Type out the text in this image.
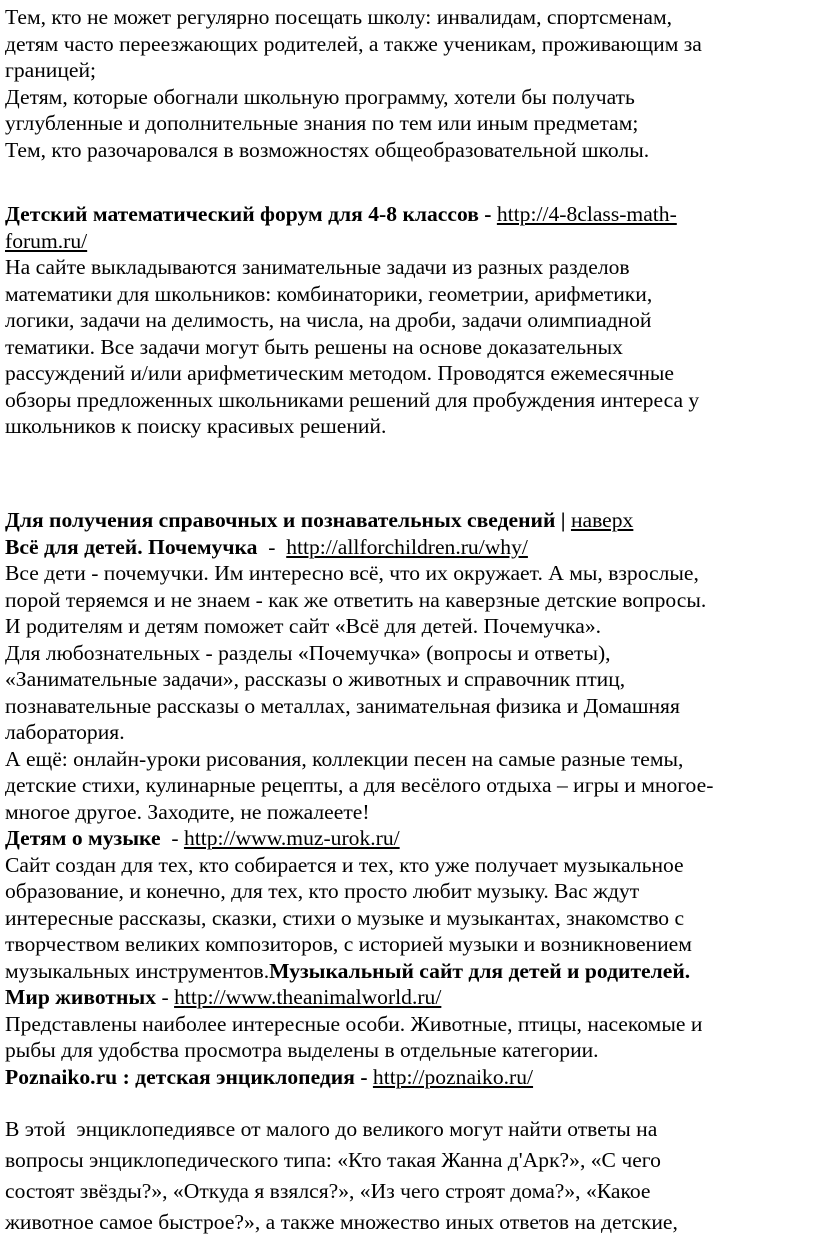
Тем, кто не может регулярно посещать школу: инвалидам, спортсменам,
детям часто переезжающих родителей, а также ученикам, проживающим за
границей;
Детям, которые обогнали школьную программу, хотели бы получать
углубленные и дополнительные знания по тем или иным предметам;
Тем, кто разочаровался в возможностях общеобразовательной школы.
Детский математический форум для 4-8 классов - http://4-8class-math-
forum.ru/
На сайте выкладываются занимательные задачи из разных разделов
математики для школьников: комбинаторики, геометрии, арифметики,
логики, задачи на делимость, на числа, на дроби, задачи олимпиадной
тематики. Все задачи могут быть решены на основе доказательных
рассуждений и/или арифметическим методом. Проводятся ежемесячные
обзоры предложенных школьниками решений для пробуждения интереса у
школьников к поиску красивых решений.
Для получения справочных и познавательных сведений | наверх
Всё для детей. Почемучка  -  http://allforchildren.ru/why/
Все дети - почемучки. Им интересно всё, что их окружает. А мы, взрослые,
порой теряемся и не знаем - как же ответить на каверзные детские вопросы.
И родителям и детям поможет сайт «Всё для детей. Почемучка».
Для любознательных - разделы «Почемучка» (вопросы и ответы),
«Занимательные задачи», рассказы о животных и справочник птиц,
познавательные рассказы о металлах, занимательная физика и Домашняя
лаборатория.
А ещё: онлайн-уроки рисования, коллекции песен на самые разные темы,
детские стихи, кулинарные рецепты, а для весёлого отдыха – игры и многое-
многое другое. Заходите, не пожалеете!
Детям о музыке  - http://www.muz-urok.ru/
Сайт создан для тех, кто собирается и тех, кто уже получает музыкальное
образование, и конечно, для тех, кто просто любит музыку. Вас ждут
интересные рассказы, сказки, стихи о музыке и музыкантах, знакомство с
творчеством великих композиторов, с историей музыки и возникновением
музыкальных инструментов.Музыкальный сайт для детей и родителей.
Мир животных - http://www.theanimalworld.ru/
Представлены наиболее интересные особи. Животные, птицы, насекомые и
рыбы для удобства просмотра выделены в отдельные категории.
Poznaiko.ru : детская энциклопедия - http://poznaiko.ru/
В этой  энциклопедиявсе от малого до великого могут найти ответы на
вопросы энциклопедического типа: «Кто такая Жанна д'Арк?», «С чего
состоят звёзды?», «Откуда я взялся?», «Из чего строят дома?», «Какое
животное самое быстрое?», а также множество иных ответов на детские,
